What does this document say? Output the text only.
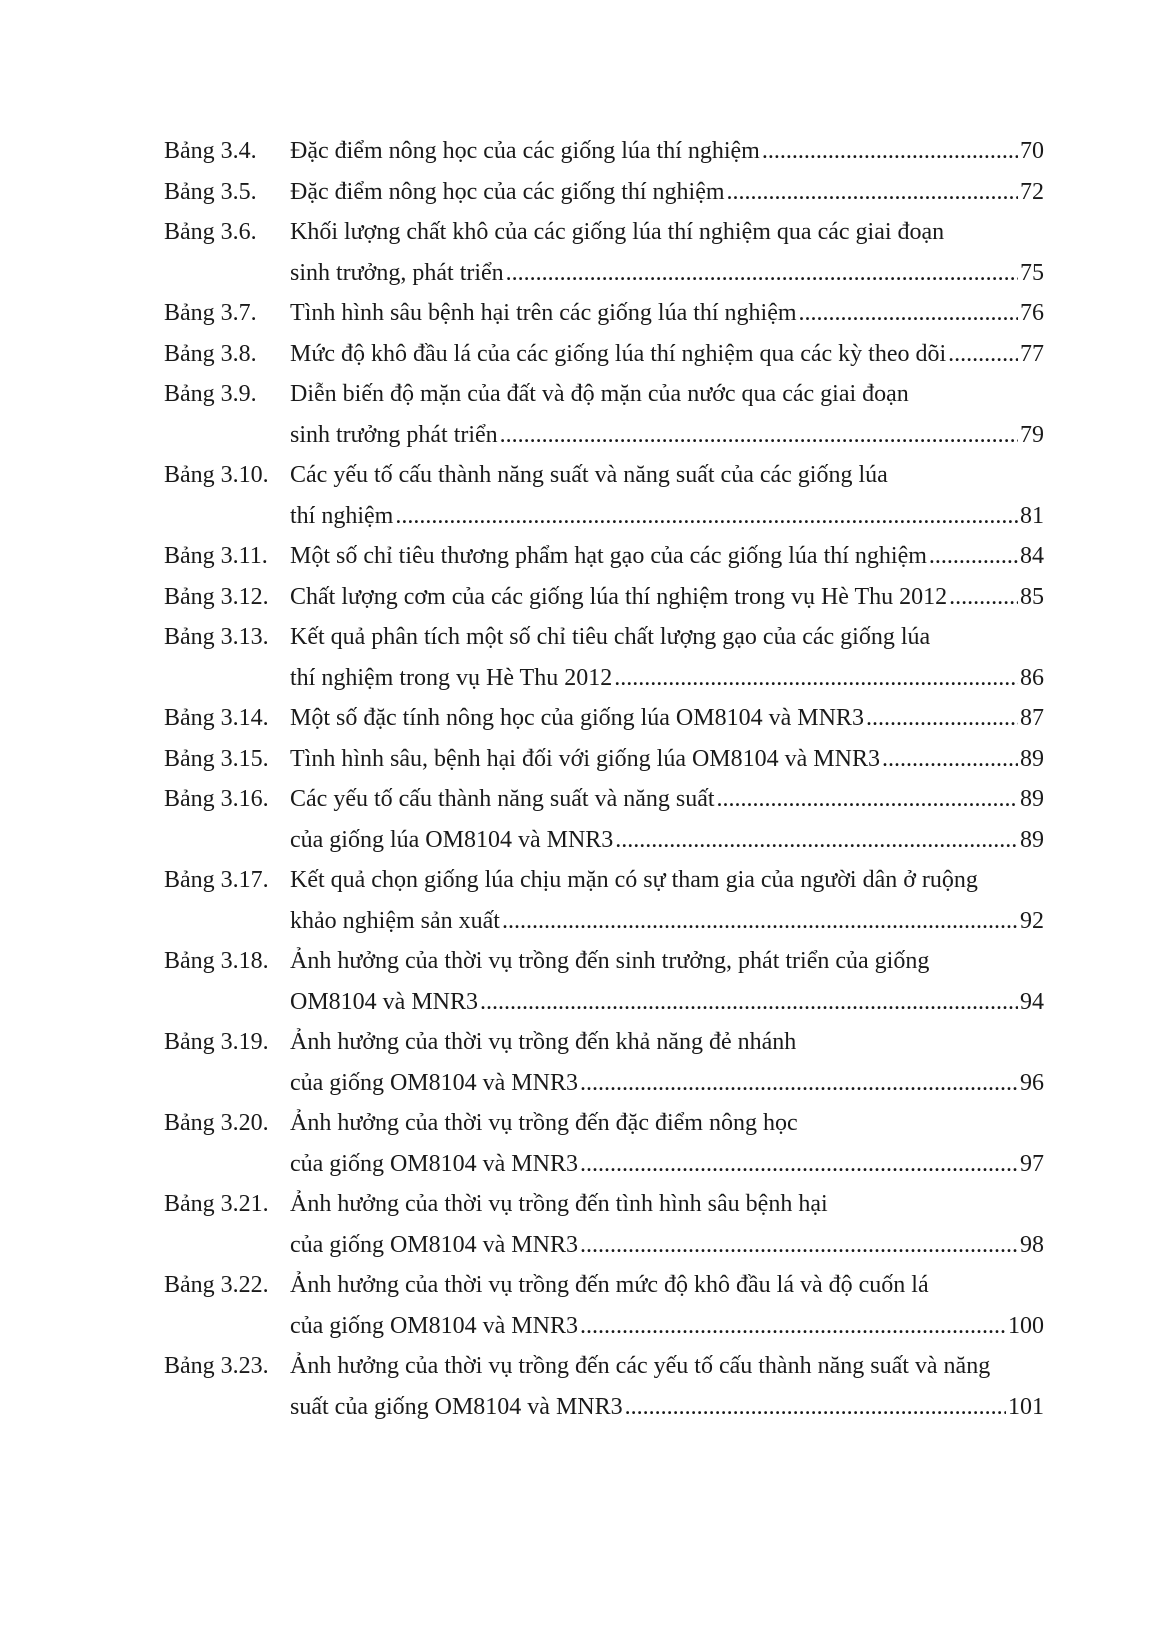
Bảng 3.4.	Đặc điểm nông học của các giống lúa thí nghiệm . . .	70
Bảng 3.5.	Đặc điểm nông học của các giống thí nghiệm . . .	72
Bảng 3.6.	Khối lượng chất khô của các giống lúa thí nghiệm qua các giai đoạn
sinh trưởng, phát triển . . .	75
Bảng 3.7.	Tình hình sâu bệnh hại trên các giống lúa thí nghiệm . . .	76
Bảng 3.8.	Mức độ khô đầu lá của các giống lúa thí nghiệm qua các kỳ theo dõi . . .	77
Bảng 3.9.	Diễn biến độ mặn của đất và độ mặn của nước qua các giai đoạn
sinh trưởng phát triển . . .	79
Bảng 3.10. Các yếu tố cấu thành năng suất và năng suất của các giống lúa
thí nghiệm . . .	81
Bảng 3.11. Một số chỉ tiêu thương phẩm hạt gạo của các giống lúa thí nghiệm . . .	84
Bảng 3.12. Chất lượng cơm của các giống lúa thí nghiệm trong vụ Hè Thu 2012 . . .	85
Bảng 3.13. Kết quả phân tích một số chỉ tiêu chất lượng gạo của các giống lúa
thí nghiệm trong vụ Hè Thu 2012 . . .	86
Bảng 3.14. Một số đặc tính nông học của giống lúa OM8104 và MNR3 . . .	87
Bảng 3.15. Tình hình sâu, bệnh hại đối với giống lúa OM8104 và MNR3 . . .	89
Bảng 3.16. Các yếu tố cấu thành năng suất và năng suất . . .	89
của giống lúa OM8104 và MNR3 . . .	89
Bảng 3.17. Kết quả chọn giống lúa chịu mặn có sự tham gia của người dân ở ruộng
khảo nghiệm sản xuất . . .	92
Bảng 3.18. Ảnh hưởng của thời vụ trồng đến sinh trưởng, phát triển của giống
OM8104 và MNR3 . . .	94
Bảng 3.19. Ảnh hưởng của thời vụ trồng đến khả năng đẻ nhánh
của giống OM8104 và MNR3 . . .	96
Bảng 3.20. Ảnh hưởng của thời vụ trồng đến đặc điểm nông học
của giống OM8104 và MNR3 . . .	97
Bảng 3.21. Ảnh hưởng của thời vụ trồng đến tình hình sâu bệnh hại
của giống OM8104 và MNR3 . . .	98
Bảng 3.22. Ảnh hưởng của thời vụ trồng đến mức độ khô đầu lá và độ cuốn lá
của giống OM8104 và MNR3 . . .	100
Bảng 3.23. Ảnh hưởng của thời vụ trồng đến các yếu tố cấu thành năng suất và năng
suất của giống OM8104 và MNR3 . . .	101
